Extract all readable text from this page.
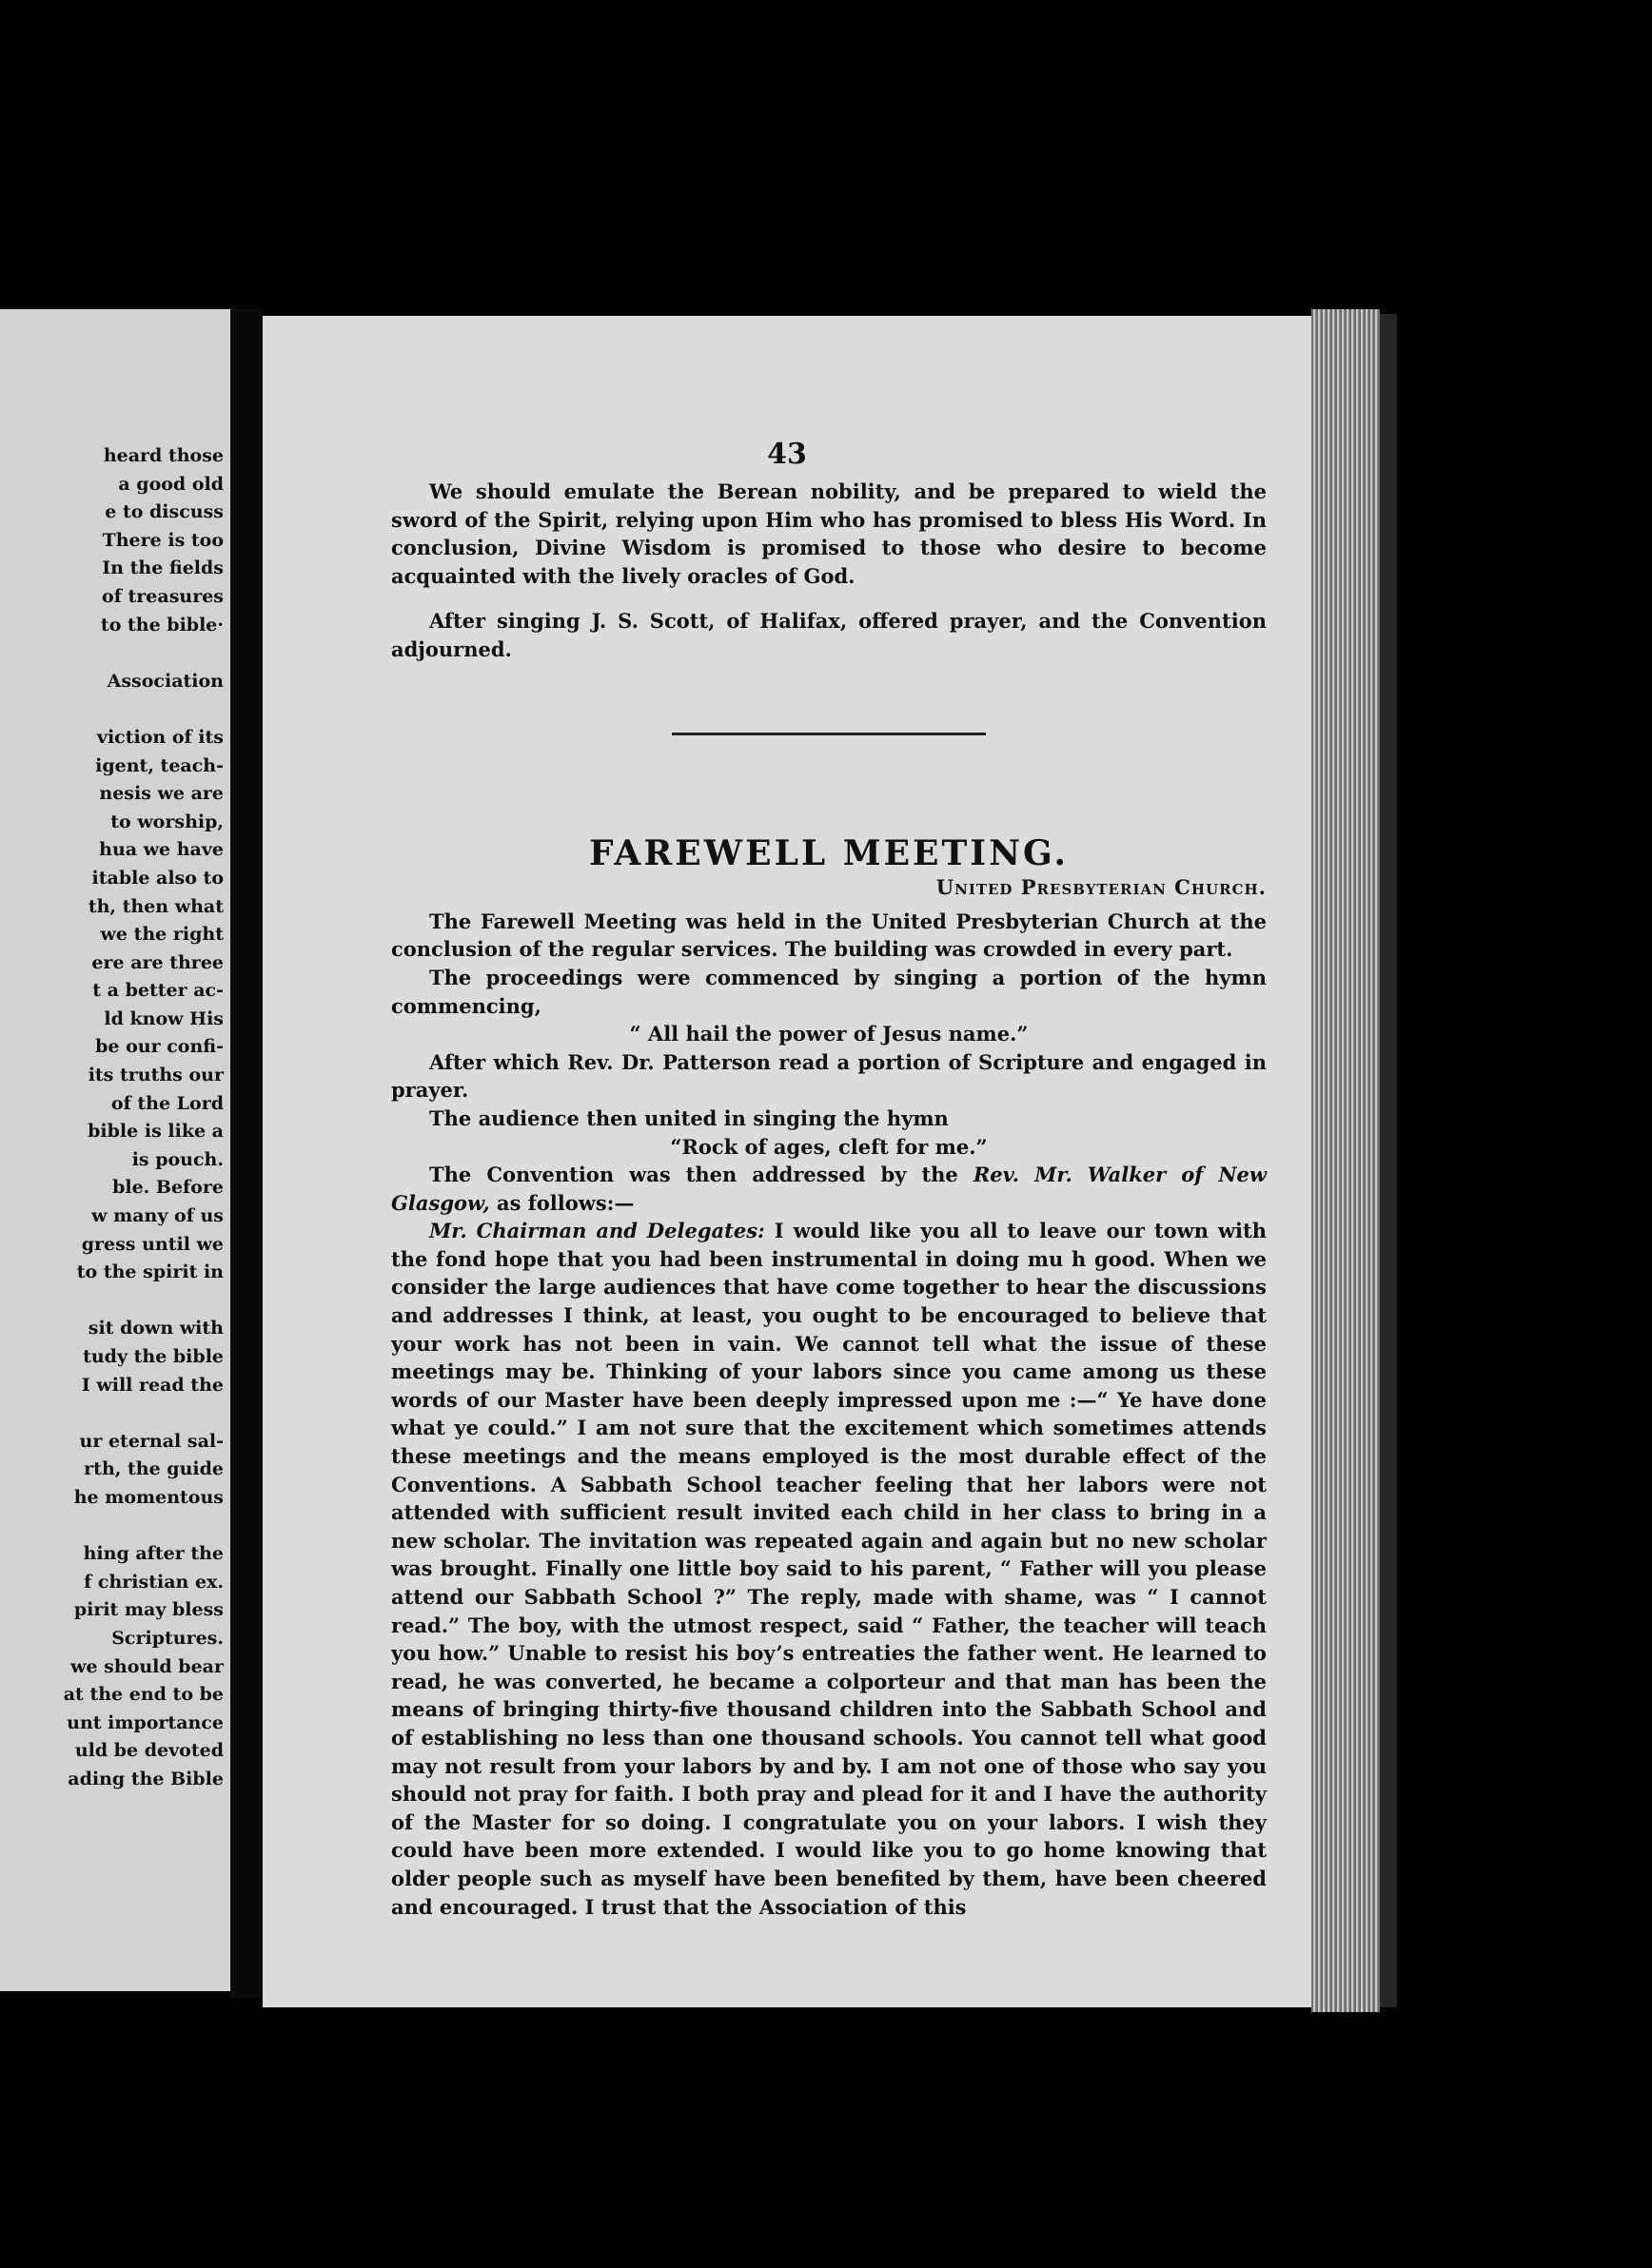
heard those
a good old
e to discuss
There is too
In the fields
of treasures
to the bible·
Association
viction of its
igent, teach-
nesis we are
to worship,
hua we have
itable also to
th, then what
we the right
ere are three
t a better ac-
ld know His
be our confi-
its truths our
of the Lord
bible is like a
is pouch.
ble. Before
w many of us
gress until we
to the spirit in
sit down with
tudy the bible
I will read the
ur eternal sal-
rth, the guide
he momentous
hing after the
f christian ex.
pirit may bless
Scriptures.
we should bear
at the end to be
unt importance
uld be devoted
ading the Bible
43

We should emulate the Berean nobility, and be prepared to wield the sword of the Spirit, relying upon Him who has promised to bless His Word. In conclusion, Divine Wisdom is promised to those who desire to become acquainted with the lively oracles of God.

After singing J. S. Scott, of Halifax, offered prayer, and the Convention adjourned.

FAREWELL MEETING.
United Presbyterian Church.

The Farewell Meeting was held in the United Presbyterian Church at the conclusion of the regular services. The building was crowded in every part.

The proceedings were commenced by singing a portion of the hymn commencing,

“ All hail the power of Jesus name.”

After which Rev. Dr. Patterson read a portion of Scripture and engaged in prayer.

The audience then united in singing the hymn

“Rock of ages, cleft for me.”

The Convention was then addressed by the Rev. Mr. Walker of New Glasgow, as follows:—

Mr. Chairman and Delegates: I would like you all to leave our town with the fond hope that you had been instrumental in doing mu h good. When we consider the large audiences that have come together to hear the discussions and addresses I think, at least, you ought to be encouraged to believe that your work has not been in vain. We cannot tell what the issue of these meetings may be. Thinking of your labors since you came among us these words of our Master have been deeply impressed upon me :—“ Ye have done what ye could.” I am not sure that the excitement which sometimes attends these meetings and the means employed is the most durable effect of the Conventions. A Sabbath School teacher feeling that her labors were not attended with sufficient result invited each child in her class to bring in a new scholar. The invitation was repeated again and again but no new scholar was brought. Finally one little boy said to his parent, “ Father will you please attend our Sabbath School ?” The reply, made with shame, was “ I cannot read.” The boy, with the utmost respect, said “ Father, the teacher will teach you how.” Unable to resist his boy’s entreaties the father went. He learned to read, he was converted, he became a colporteur and that man has been the means of bringing thirty-five thousand children into the Sabbath School and of establishing no less than one thousand schools. You cannot tell what good may not result from your labors by and by. I am not one of those who say you should not pray for faith. I both pray and plead for it and I have the authority of the Master for so doing. I congratulate you on your labors. I wish they could have been more extended. I would like you to go home knowing that older people such as myself have been benefited by them, have been cheered and encouraged. I trust that the Association of this
